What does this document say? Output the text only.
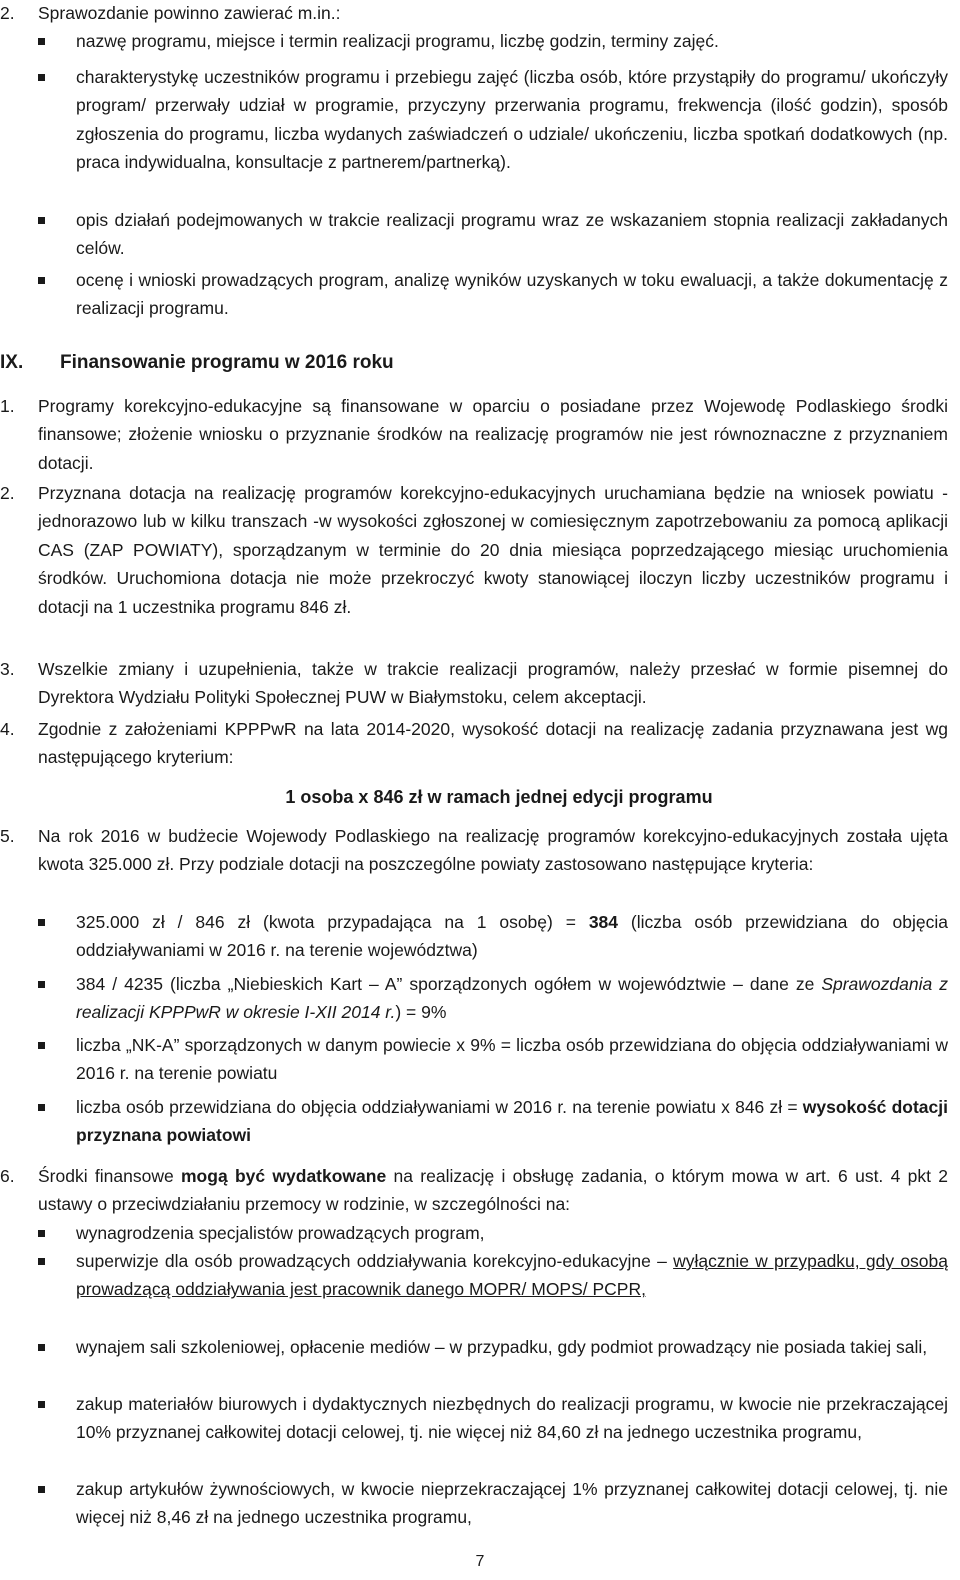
2. Sprawozdanie powinno zawierać m.in.:
nazwę programu, miejsce i termin realizacji programu, liczbę godzin, terminy zajęć.
charakterystykę uczestników programu i przebiegu zajęć (liczba osób, które przystąpiły do programu/ ukończyły program/ przerwały udział w programie, przyczyny przerwania programu, frekwencja (ilość godzin), sposób zgłoszenia do programu, liczba wydanych zaświadczeń o udziale/ ukończeniu, liczba spotkań dodatkowych (np. praca indywidualna, konsultacje z partnerem/partnerką).
opis działań podejmowanych w trakcie realizacji programu wraz ze wskazaniem stopnia realizacji zakładanych celów.
ocenę i wnioski prowadzących program, analizę wyników uzyskanych w toku ewaluacji, a także dokumentację z realizacji programu.
IX. Finansowanie programu w 2016 roku
1. Programy korekcyjno-edukacyjne są finansowane w oparciu o posiadane przez Wojewodę Podlaskiego środki finansowe; złożenie wniosku o przyznanie środków na realizację programów nie jest równoznaczne z przyznaniem dotacji.
2. Przyznana dotacja na realizację programów korekcyjno-edukacyjnych uruchamiana będzie na wniosek powiatu -jednorazowo lub w kilku transzach -w wysokości zgłoszonej w comiesięcznym zapotrzebowaniu za pomocą aplikacji CAS (ZAP POWIATY), sporządzanym w terminie do 20 dnia miesiąca poprzedzającego miesiąc uruchomienia środków. Uruchomiona dotacja nie może przekroczyć kwoty stanowiącej iloczyn liczby uczestników programu i dotacji na 1 uczestnika programu 846 zł.
3. Wszelkie zmiany i uzupełnienia, także w trakcie realizacji programów, należy przesłać w formie pisemnej do Dyrektora Wydziału Polityki Społecznej PUW w Białymstoku, celem akceptacji.
4. Zgodnie z założeniami KPPPwR na lata 2014-2020, wysokość dotacji na realizację zadania przyznawana jest wg następującego kryterium:
1 osoba x 846 zł w ramach jednej edycji programu
5. Na rok 2016 w budżecie Wojewody Podlaskiego na realizację programów korekcyjno-edukacyjnych została ujęta kwota 325.000 zł. Przy podziale dotacji na poszczególne powiaty zastosowano następujące kryteria:
325.000 zł / 846 zł (kwota przypadająca na 1 osobę) = 384 (liczba osób przewidziana do objęcia oddziaływaniami w 2016 r. na terenie województwa)
384 / 4235 (liczba „Niebieskich Kart – A” sporządzonych ogółem w województwie – dane ze Sprawozdania z realizacji KPPPwR w okresie I-XII 2014 r.) = 9%
liczba „NK-A” sporządzonych w danym powiecie x 9% = liczba osób przewidziana do objęcia oddziaływaniami w 2016 r. na terenie powiatu
liczba osób przewidziana do objęcia oddziaływaniami w 2016 r. na terenie powiatu x 846 zł = wysokość dotacji przyznana powiatowi
6. Środki finansowe mogą być wydatkowane na realizację i obsługę zadania, o którym mowa w art. 6 ust. 4 pkt 2 ustawy o przeciwdziałaniu przemocy w rodzinie, w szczególności na:
wynagrodzenia specjalistów prowadzących program,
superwizje dla osób prowadzących oddziaływania korekcyjno-edukacyjne – wyłącznie w przypadku, gdy osobą prowadzącą oddziaływania jest pracownik danego MOPR/ MOPS/ PCPR,
wynajem sali szkoleniowej, opłacenie mediów – w przypadku, gdy podmiot prowadzący nie posiada takiej sali,
zakup materiałów biurowych i dydaktycznych niezbędnych do realizacji programu, w kwocie nie przekraczającej 10% przyznanej całkowitej dotacji celowej, tj. nie więcej niż 84,60 zł na jednego uczestnika programu,
zakup artykułów żywnościowych, w kwocie nieprzekraczającej 1% przyznanej całkowitej dotacji celowej, tj. nie więcej niż 8,46 zł na jednego uczestnika programu,
7
